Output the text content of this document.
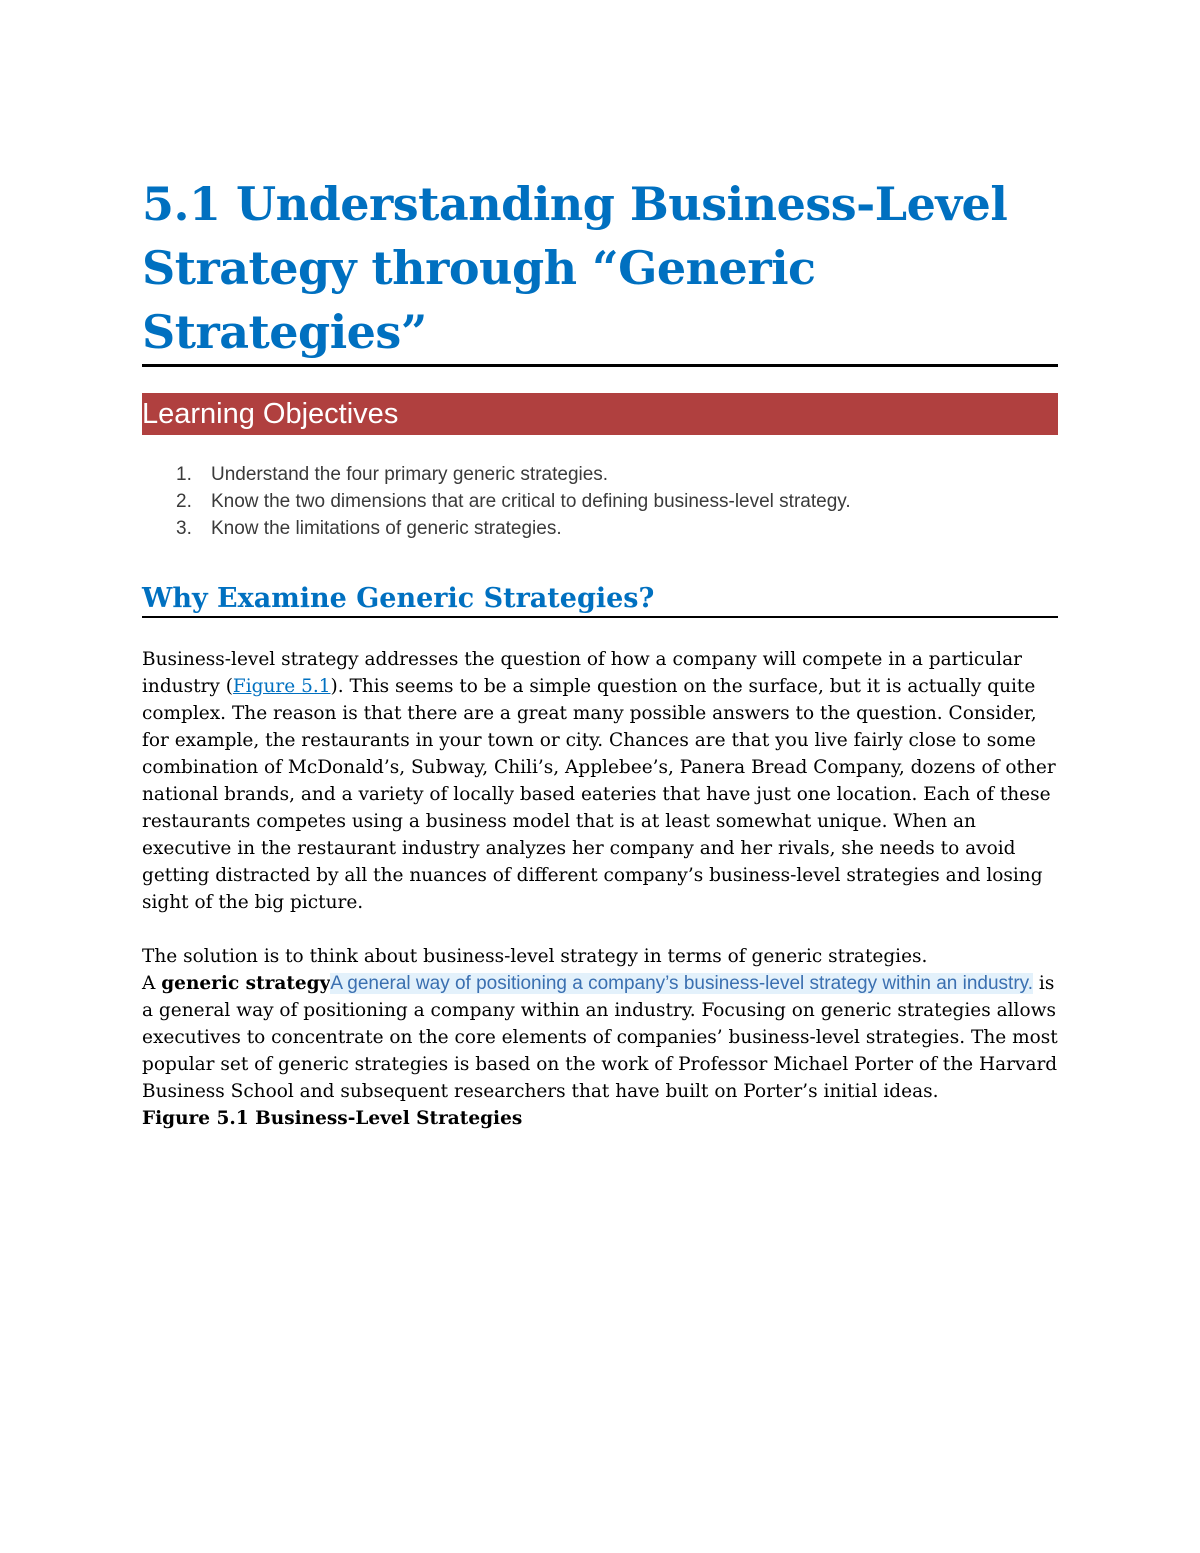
5.1 Understanding Business-Level
Strategy through “Generic
Strategies”
Learning Objectives
1.	Understand the four primary generic strategies.
2.	Know the two dimensions that are critical to defining business-level strategy.
3.	Know the limitations of generic strategies.
Why Examine Generic Strategies?

Business-level strategy addresses the question of how a company will compete in a particular industry (Figure 5.1). This seems to be a simple question on the surface, but it is actually quite complex. The reason is that there are a great many possible answers to the question. Consider, for example, the restaurants in your town or city. Chances are that you live fairly close to some combination of McDonald’s, Subway, Chili’s, Applebee’s, Panera Bread Company, dozens of other national brands, and a variety of locally based eateries that have just one location. Each of these restaurants competes using a business model that is at least somewhat unique. When an executive in the restaurant industry analyzes her company and her rivals, she needs to avoid getting distracted by all the nuances of different company’s business-level strategies and losing sight of the big picture.

The solution is to think about business-level strategy in terms of generic strategies.
A generic strategyA general way of positioning a company’s business-level strategy within an industry. is a general way of positioning a company within an industry. Focusing on generic strategies allows executives to concentrate on the core elements of companies’ business-level strategies. The most popular set of generic strategies is based on the work of Professor Michael Porter of the Harvard Business School and subsequent researchers that have built on Porter’s initial ideas.

Figure 5.1 Business-Level Strategies
